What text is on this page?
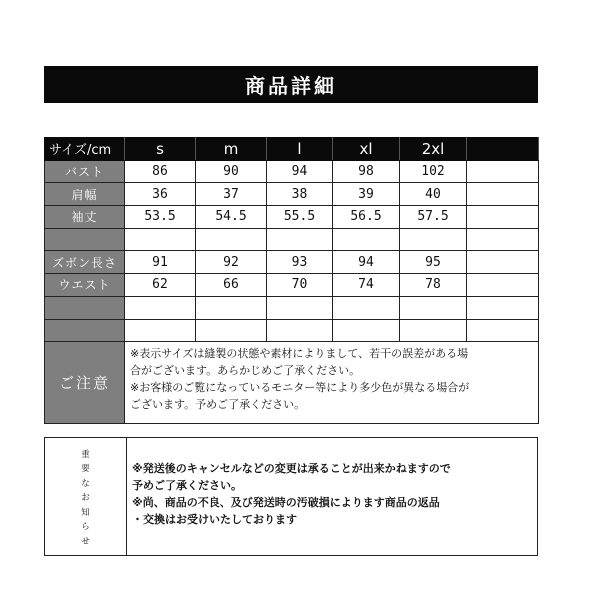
商品詳細
サイズ/cm	s	m	l	xl	2xl	
バスト	86	90	94	98	102	
肩幅	36	37	38	39	40	
袖丈	53.5	54.5	55.5	56.5	57.5	

ズボン長さ	91	92	93	94	95	
ウエスト	62	66	70	74	78	

ご注意	※表示サイズは縫製の状態や素材によりまして、若干の誤差がある場
合がございます。あらかじめご了承ください。
※お客様のご覧になっているモニター等により多少色が異なる場合が
ございます。予めご了承ください。					
重
要
な
お
知
ら
せ
※発送後のキャンセルなどの変更は承ることが出来かねますので
予めご了承ください。
※尚、商品の不良、及び発送時の汚破損によります商品の返品
・交換はお受けいたしております
